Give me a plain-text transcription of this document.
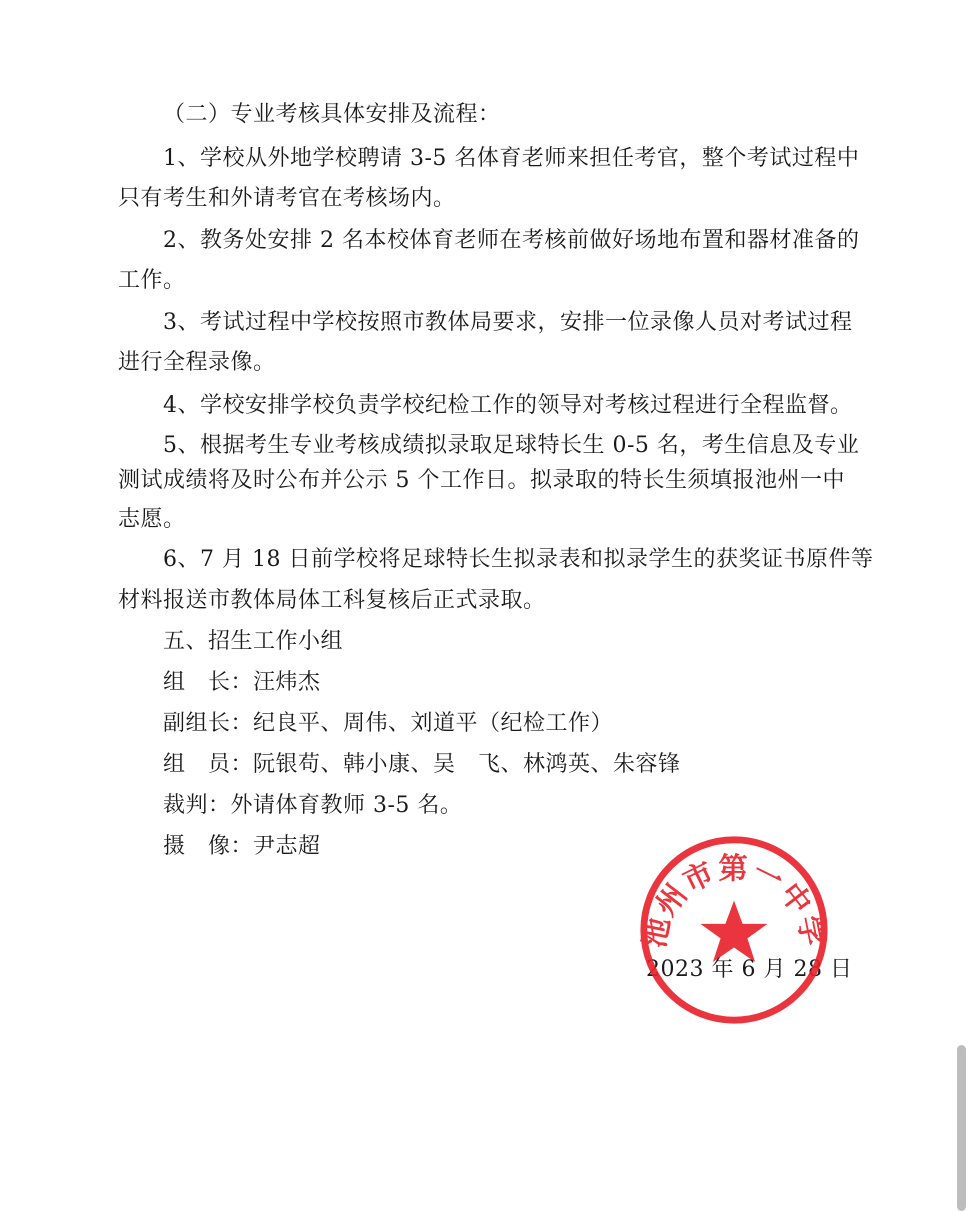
（二）专业考核具体安排及流程：
1、学校从外地学校聘请 3-5 名体育老师来担任考官，整个考试过程中
只有考生和外请考官在考核场内。
2、教务处安排 2 名本校体育老师在考核前做好场地布置和器材准备的
工作。
3、考试过程中学校按照市教体局要求，安排一位录像人员对考试过程
进行全程录像。
4、学校安排学校负责学校纪检工作的领导对考核过程进行全程监督。
5、根据考生专业考核成绩拟录取足球特长生 0-5 名，考生信息及专业
测试成绩将及时公布并公示 5 个工作日。拟录取的特长生须填报池州一中
志愿。
6、7 月 18 日前学校将足球特长生拟录表和拟录学生的获奖证书原件等
材料报送市教体局体工科复核后正式录取。
五、招生工作小组
组　长：汪炜杰
副组长：纪良平、周伟、刘道平（纪检工作）
组　员：阮银苟、韩小康、吴　飞、林鸿英、朱容锋
裁判：外请体育教师 3-5 名。
摄　像：尹志超
2023 年 6 月 28 日
池州市第一中学
